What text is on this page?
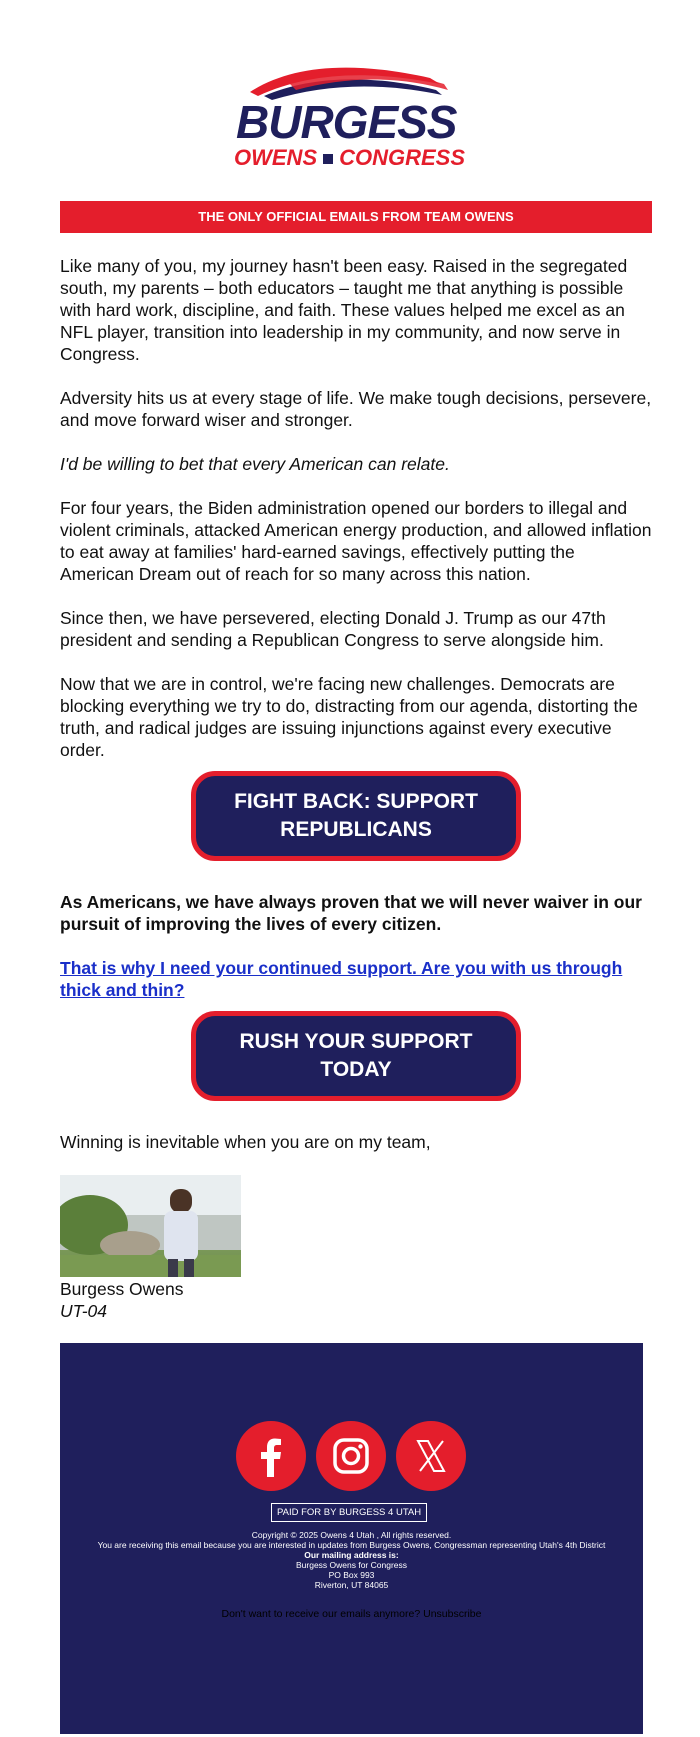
BURGESS
OWENS CONGRESS
THE ONLY OFFICIAL EMAILS FROM TEAM OWENS

Like many of you, my journey hasn't been easy. Raised in the segregated south, my parents – both educators – taught me that anything is possible with hard work, discipline, and faith. These values helped me excel as an NFL player, transition into leadership in my community, and now serve in Congress.

Adversity hits us at every stage of life. We make tough decisions, persevere, and move forward wiser and stronger.

I'd be willing to bet that every American can relate.

For four years, the Biden administration opened our borders to illegal and violent criminals, attacked American energy production, and allowed inflation to eat away at families' hard-earned savings, effectively putting the American Dream out of reach for so many across this nation.

Since then, we have persevered, electing Donald J. Trump as our 47th president and sending a Republican Congress to serve alongside him.

Now that we are in control, we're facing new challenges. Democrats are blocking everything we try to do, distracting from our agenda, distorting the truth, and radical judges are issuing injunctions against every executive order.

FIGHT BACK: SUPPORT REPUBLICANS

As Americans, we have always proven that we will never waiver in our pursuit of improving the lives of every citizen.

That is why I need your continued support. Are you with us through thick and thin?

RUSH YOUR SUPPORT TODAY

Winning is inevitable when you are on my team,

Burgess Owens
UT-04
PAID FOR BY BURGESS 4 UTAH
Copyright © 2025 Owens 4 Utah , All rights reserved.
You are receiving this email because you are interested in updates from Burgess Owens, Congressman representing Utah's 4th District
Our mailing address is:
Burgess Owens for Congress
PO Box 993
Riverton, UT 84065
Don't want to receive our emails anymore? Unsubscribe
